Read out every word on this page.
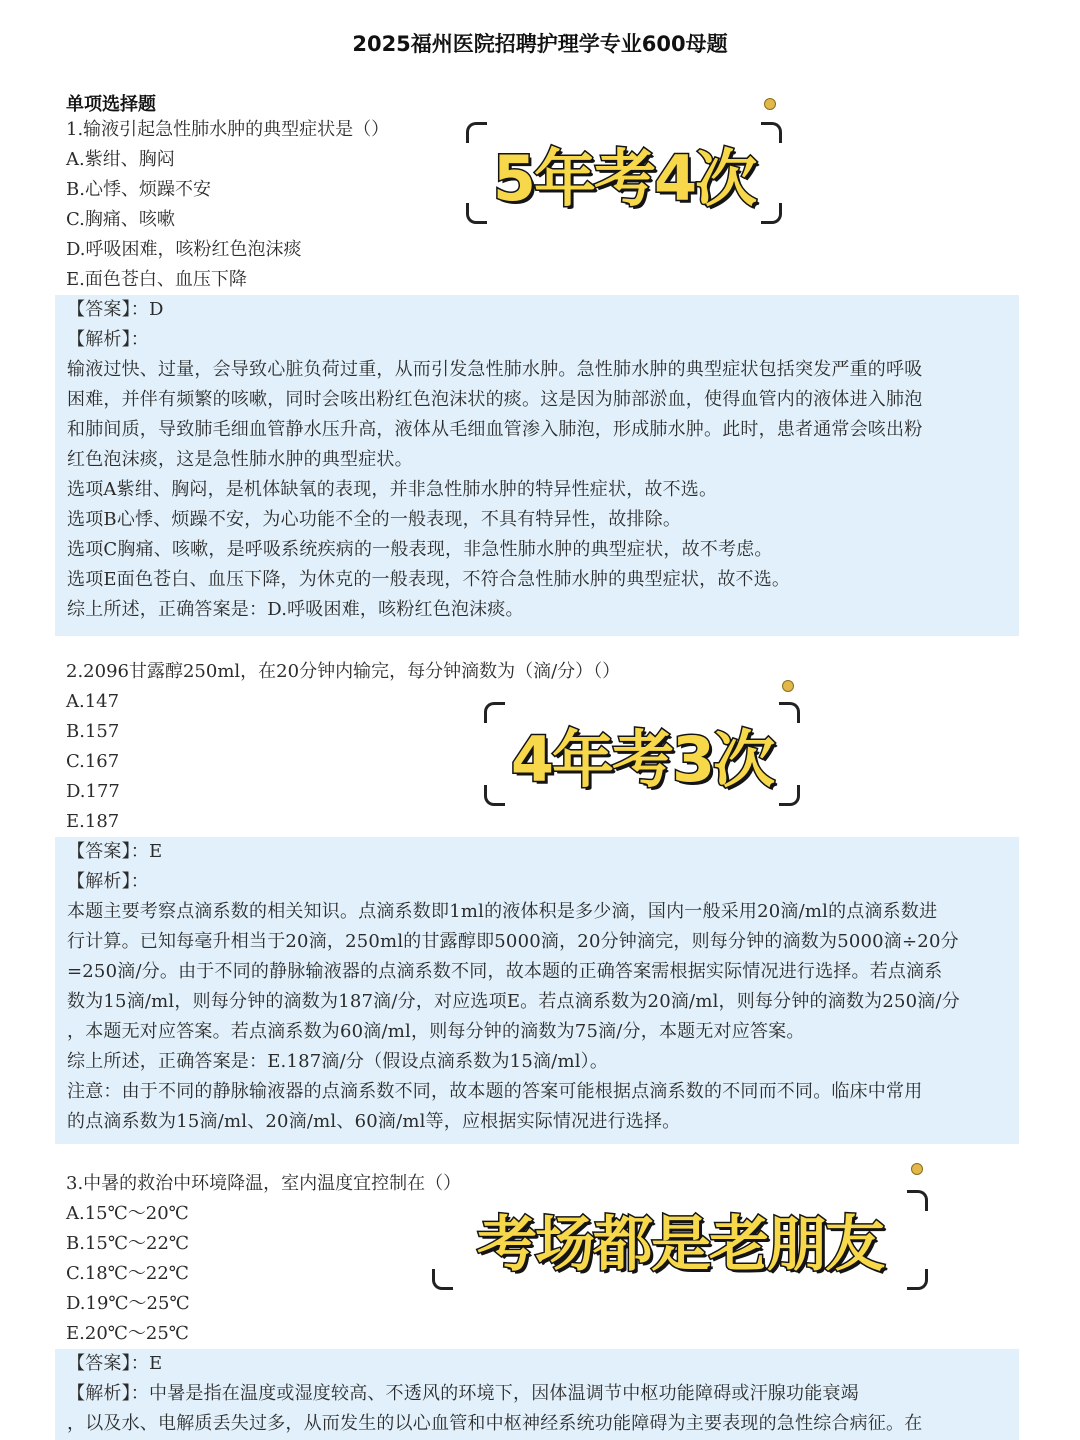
2025福州医院招聘护理学专业600母题
单项选择题
1.输液引起急性肺水肿的典型症状是（）
A.紫绀、胸闷
B.心悸、烦躁不安
C.胸痛、咳嗽
D.呼吸困难，咳粉红色泡沫痰
E.面色苍白、血压下降
【答案】：D
【解析】：
输液过快、过量，会导致心脏负荷过重，从而引发急性肺水肿。急性肺水肿的典型症状包括突发严重的呼吸
困难，并伴有频繁的咳嗽，同时会咳出粉红色泡沫状的痰。这是因为肺部淤血，使得血管内的液体进入肺泡
和肺间质，导致肺毛细血管静水压升高，液体从毛细血管渗入肺泡，形成肺水肿。此时，患者通常会咳出粉
红色泡沫痰，这是急性肺水肿的典型症状。
选项A紫绀、胸闷，是机体缺氧的表现，并非急性肺水肿的特异性症状，故不选。
选项B心悸、烦躁不安，为心功能不全的一般表现，不具有特异性，故排除。
选项C胸痛、咳嗽，是呼吸系统疾病的一般表现，非急性肺水肿的典型症状，故不考虑。
选项E面色苍白、血压下降，为休克的一般表现，不符合急性肺水肿的典型症状，故不选。
综上所述，正确答案是：D.呼吸困难，咳粉红色泡沫痰。
5年考4次
2.2096甘露醇250ml，在20分钟内输完，每分钟滴数为（滴/分）（）
A.147
B.157
C.167
D.177
E.187
【答案】：E
【解析】：
本题主要考察点滴系数的相关知识。点滴系数即1ml的液体积是多少滴，国内一般采用20滴/ml的点滴系数进
行计算。已知每毫升相当于20滴，250ml的甘露醇即5000滴，20分钟滴完，则每分钟的滴数为5000滴÷20分
=250滴/分。由于不同的静脉输液器的点滴系数不同，故本题的正确答案需根据实际情况进行选择。若点滴系
数为15滴/ml，则每分钟的滴数为187滴/分，对应选项E。若点滴系数为20滴/ml，则每分钟的滴数为250滴/分
，本题无对应答案。若点滴系数为60滴/ml，则每分钟的滴数为75滴/分，本题无对应答案。
综上所述，正确答案是：E.187滴/分（假设点滴系数为15滴/ml）。
注意：由于不同的静脉输液器的点滴系数不同，故本题的答案可能根据点滴系数的不同而不同。临床中常用
的点滴系数为15滴/ml、20滴/ml、60滴/ml等，应根据实际情况进行选择。
4年考3次
3.中暑的救治中环境降温，室内温度宜控制在（）
A.15℃～20℃
B.15℃～22℃
C.18℃～22℃
D.19℃～25℃
E.20℃～25℃
【答案】：E
【解析】：中暑是指在温度或湿度较高、不透风的环境下，因体温调节中枢功能障碍或汗腺功能衰竭
，以及水、电解质丢失过多，从而发生的以心血管和中枢神经系统功能障碍为主要表现的急性综合病征。在
考场都是老朋友
